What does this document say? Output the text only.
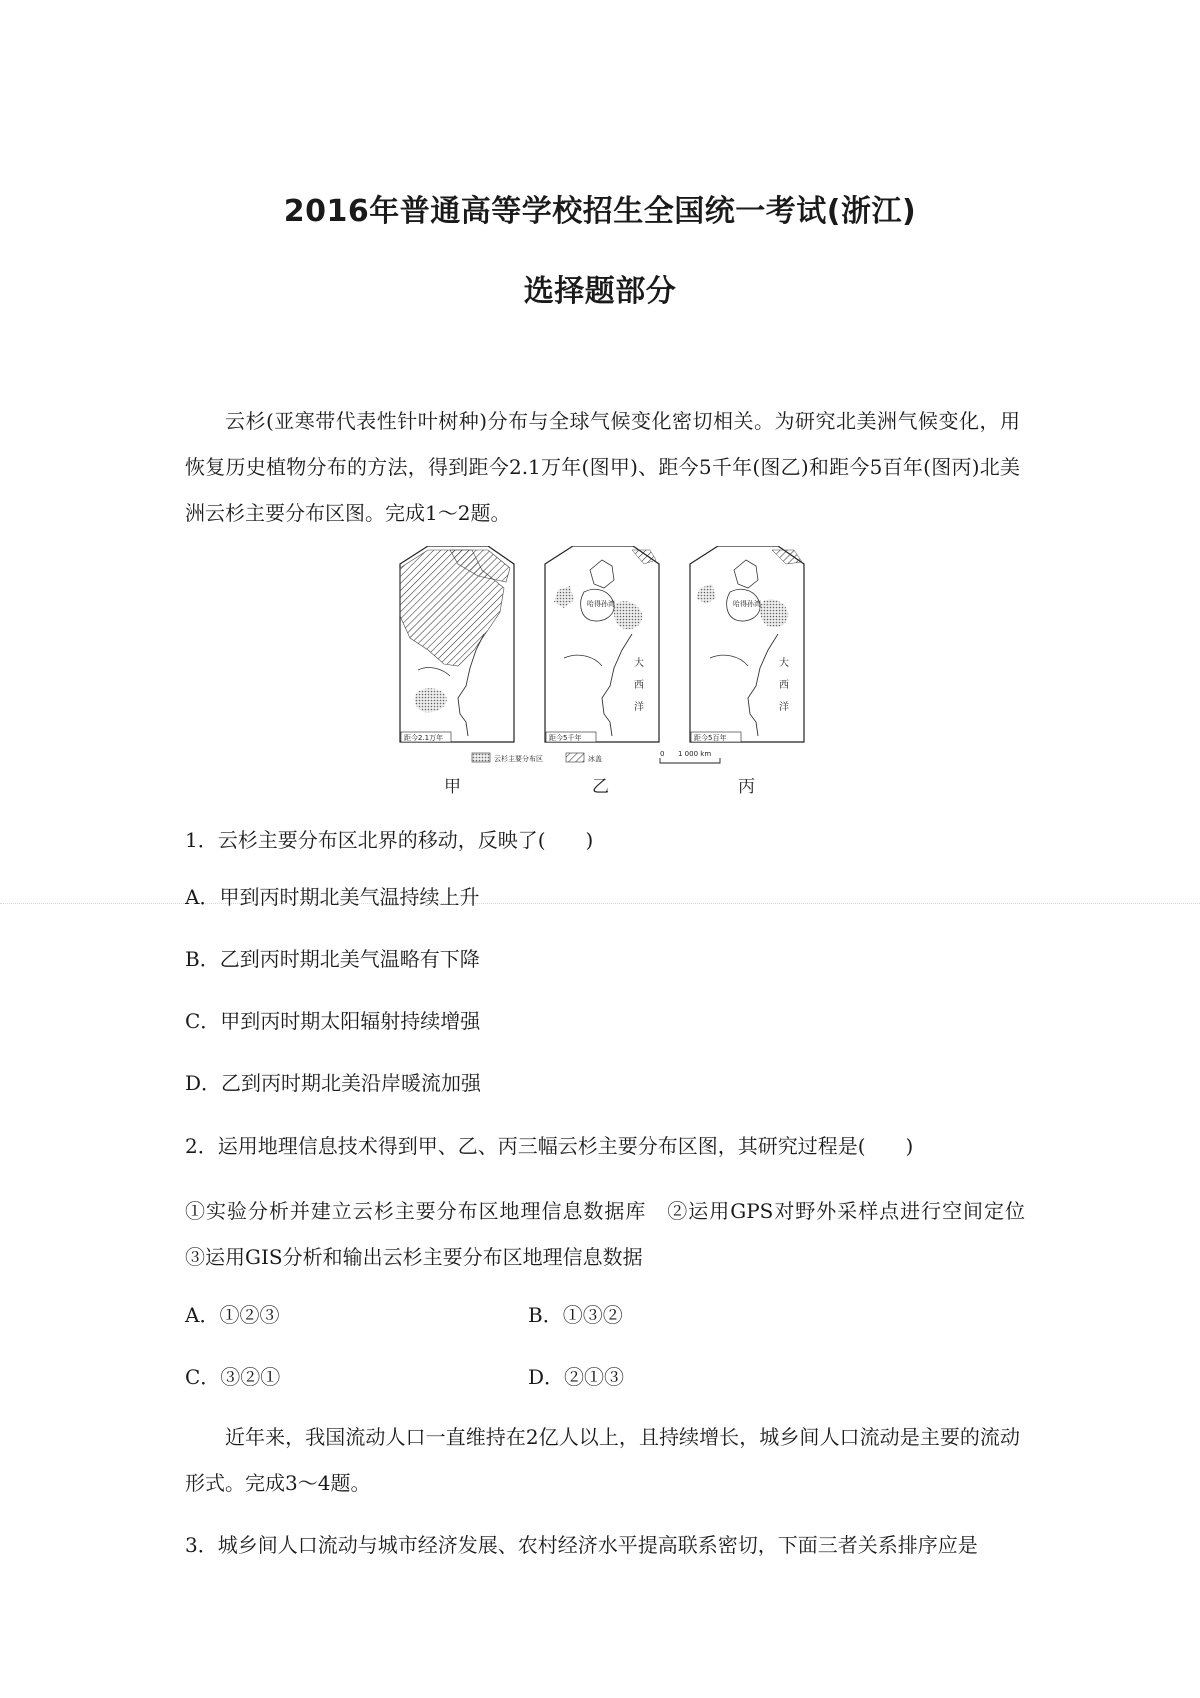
2016年普通高等学校招生全国统一考试(浙江)
选择题部分
云杉(亚寒带代表性针叶树种)分布与全球气候变化密切相关。为研究北美洲气候变化，用恢复历史植物分布的方法，得到距今2.1万年(图甲)、距今5千年(图乙)和距今5百年(图丙)北美洲云杉主要分布区图。完成1～2题。
距今2.1万年
哈得孙湾
大
西
洋
距今5千年
哈得孙湾
大
西
洋
距今5百年
云杉主要分布区	冰盖
0 1 000 km
甲	乙	丙
1．云杉主要分布区北界的移动，反映了(　　)
A．甲到丙时期北美气温持续上升
B．乙到丙时期北美气温略有下降
C．甲到丙时期太阳辐射持续增强
D．乙到丙时期北美沿岸暖流加强
2．运用地理信息技术得到甲、乙、丙三幅云杉主要分布区图，其研究过程是(　　)
①实验分析并建立云杉主要分布区地理信息数据库　②运用GPS对野外采样点进行空间定位　③运用GIS分析和输出云杉主要分布区地理信息数据
A．①②③	B．①③②
C．③②①	D．②①③
近年来，我国流动人口一直维持在2亿人以上，且持续增长，城乡间人口流动是主要的流动形式。完成3～4题。
3．城乡间人口流动与城市经济发展、农村经济水平提高联系密切，下面三者关系排序应是
